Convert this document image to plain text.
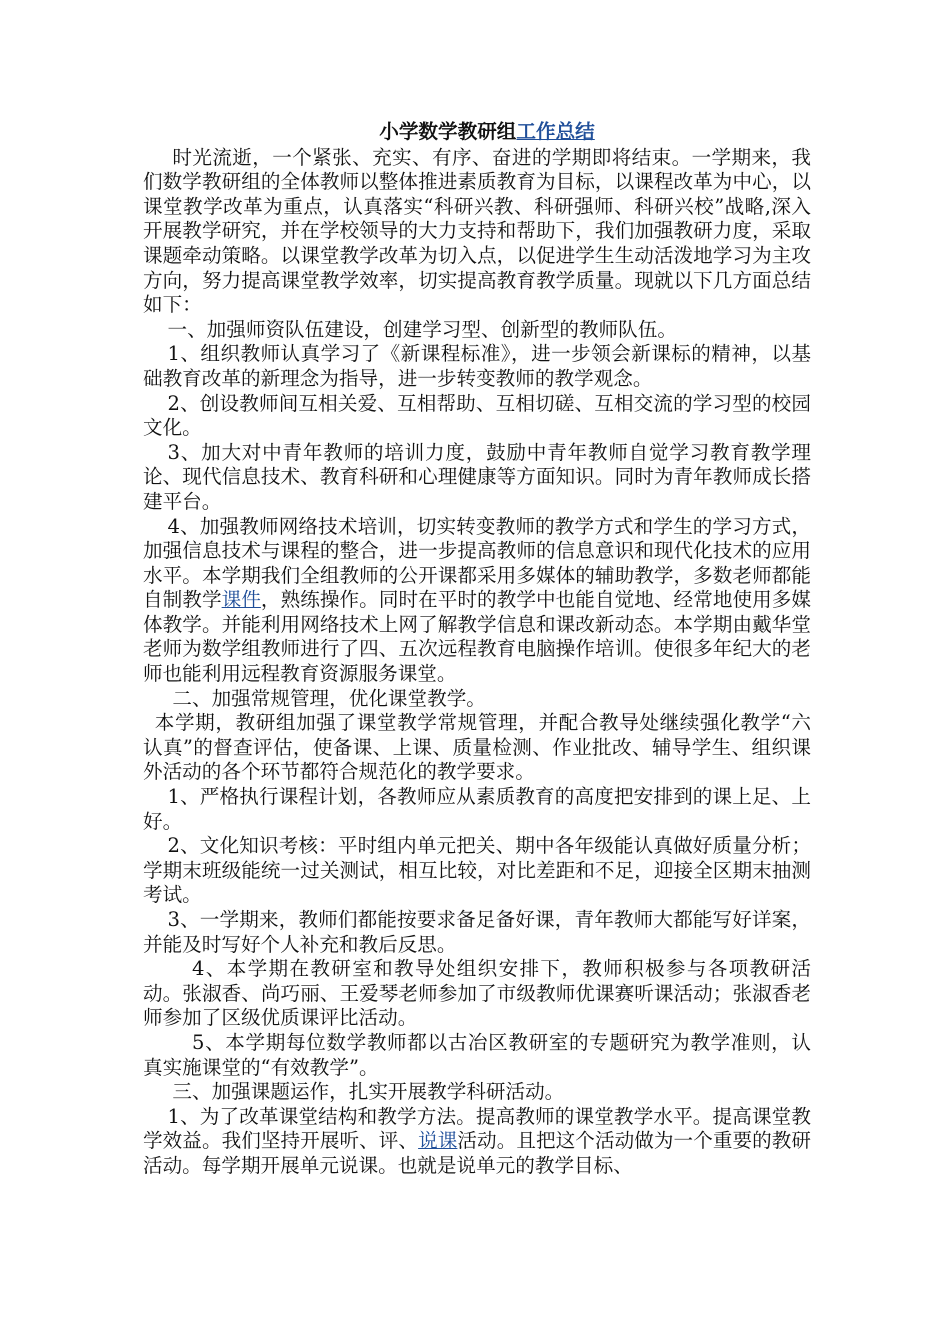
小学数学教研组工作总结

时光流逝，一个紧张、充实、有序、奋进的学期即将结束。一学期来，我们数学教研组的全体教师以整体推进素质教育为目标，以课程改革为中心，以课堂教学改革为重点，认真落实“科研兴教、科研强师、科研兴校”战略,深入开展教学研究，并在学校领导的大力支持和帮助下，我们加强教研力度，采取课题牵动策略。以课堂教学改革为切入点，以促进学生生动活泼地学习为主攻方向，努力提高课堂教学效率，切实提高教育教学质量。现就以下几方面总结如下：

一、加强师资队伍建设，创建学习型、创新型的教师队伍。

1、组织教师认真学习了《新课程标准》，进一步领会新课标的精神，以基础教育改革的新理念为指导，进一步转变教师的教学观念。

2、创设教师间互相关爱、互相帮助、互相切磋、互相交流的学习型的校园文化。

3、加大对中青年教师的培训力度，鼓励中青年教师自觉学习教育教学理论、现代信息技术、教育科研和心理健康等方面知识。同时为青年教师成长搭建平台。

4、加强教师网络技术培训，切实转变教师的教学方式和学生的学习方式，加强信息技术与课程的整合，进一步提高教师的信息意识和现代化技术的应用水平。本学期我们全组教师的公开课都采用多媒体的辅助教学，多数老师都能自制教学课件，熟练操作。同时在平时的教学中也能自觉地、经常地使用多媒体教学。并能利用网络技术上网了解教学信息和课改新动态。本学期由戴华堂老师为数学组教师进行了四、五次远程教育电脑操作培训。使很多年纪大的老师也能利用远程教育资源服务课堂。

二、加强常规管理，优化课堂教学。

本学期，教研组加强了课堂教学常规管理，并配合教导处继续强化教学“六认真”的督查评估，使备课、上课、质量检测、作业批改、辅导学生、组织课外活动的各个环节都符合规范化的教学要求。

1、严格执行课程计划，各教师应从素质教育的高度把安排到的课上足、上好。

2、文化知识考核：平时组内单元把关、期中各年级能认真做好质量分析；学期末班级能统一过关测试，相互比较，对比差距和不足，迎接全区期末抽测考试。

3、一学期来，教师们都能按要求备足备好课，青年教师大都能写好详案，并能及时写好个人补充和教后反思。

4、本学期在教研室和教导处组织安排下，教师积极参与各项教研活动。张淑香、尚巧丽、王爱琴老师参加了市级教师优课赛听课活动；张淑香老师参加了区级优质课评比活动。

5、本学期每位数学教师都以古冶区教研室的专题研究为教学准则，认真实施课堂的“有效教学”。

三、加强课题运作，扎实开展教学科研活动。

1、为了改革课堂结构和教学方法。提高教师的课堂教学水平。提高课堂教学效益。我们坚持开展听、评、说课活动。且把这个活动做为一个重要的教研活动。每学期开展单元说课。也就是说单元的教学目标、
